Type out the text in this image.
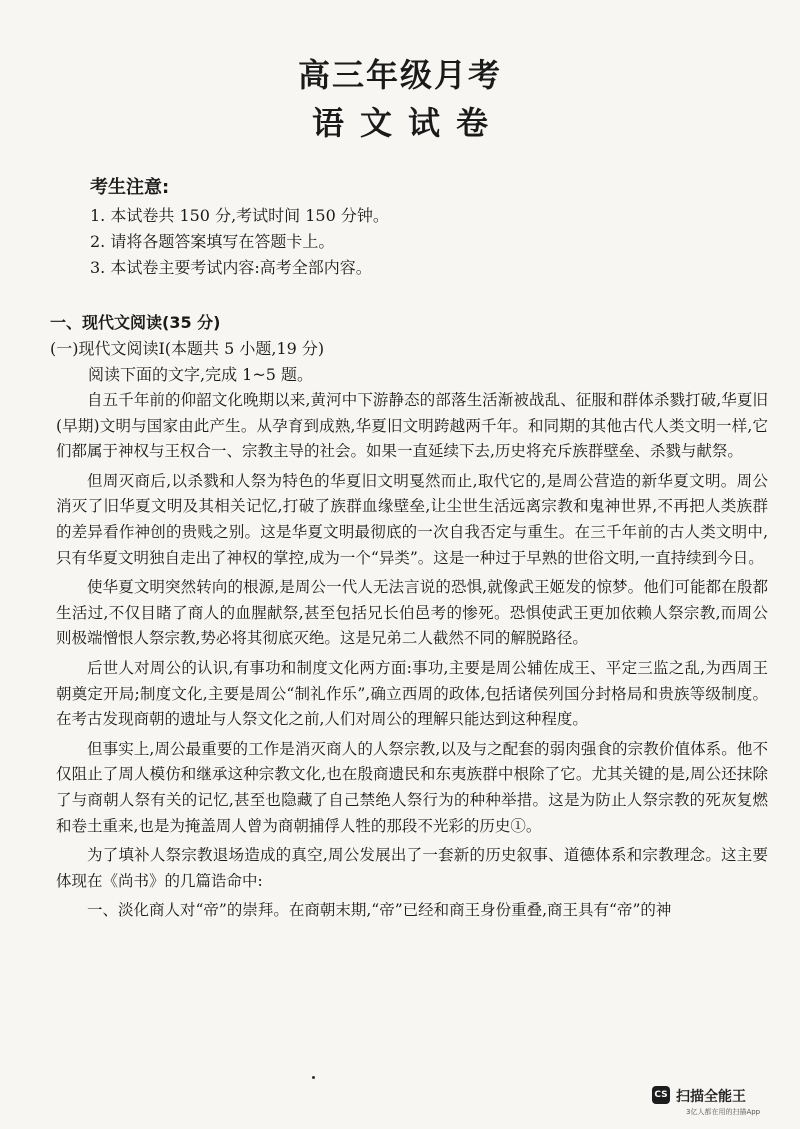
高三年级月考
语文试卷
考生注意:
1. 本试卷共 150 分,考试时间 150 分钟。
2. 请将各题答案填写在答题卡上。
3. 本试卷主要考试内容:高考全部内容。
一、现代文阅读(35 分)
(一)现代文阅读Ⅰ(本题共 5 小题,19 分)
阅读下面的文字,完成 1~5 题。

自五千年前的仰韶文化晚期以来,黄河中下游静态的部落生活渐被战乱、征服和群体杀戮打破,华夏旧(早期)文明与国家由此产生。从孕育到成熟,华夏旧文明跨越两千年。和同期的其他古代人类文明一样,它们都属于神权与王权合一、宗教主导的社会。如果一直延续下去,历史将充斥族群壁垒、杀戮与献祭。

但周灭商后,以杀戮和人祭为特色的华夏旧文明戛然而止,取代它的,是周公营造的新华夏文明。周公消灭了旧华夏文明及其相关记忆,打破了族群血缘壁垒,让尘世生活远离宗教和鬼神世界,不再把人类族群的差异看作神创的贵贱之别。这是华夏文明最彻底的一次自我否定与重生。在三千年前的古人类文明中,只有华夏文明独自走出了神权的掌控,成为一个“异类”。这是一种过于早熟的世俗文明,一直持续到今日。

使华夏文明突然转向的根源,是周公一代人无法言说的恐惧,就像武王姬发的惊梦。他们可能都在殷都生活过,不仅目睹了商人的血腥献祭,甚至包括兄长伯邑考的惨死。恐惧使武王更加依赖人祭宗教,而周公则极端憎恨人祭宗教,势必将其彻底灭绝。这是兄弟二人截然不同的解脱路径。

后世人对周公的认识,有事功和制度文化两方面:事功,主要是周公辅佐成王、平定三监之乱,为西周王朝奠定开局;制度文化,主要是周公“制礼作乐”,确立西周的政体,包括诸侯列国分封格局和贵族等级制度。在考古发现商朝的遗址与人祭文化之前,人们对周公的理解只能达到这种程度。

但事实上,周公最重要的工作是消灭商人的人祭宗教,以及与之配套的弱肉强食的宗教价值体系。他不仅阻止了周人模仿和继承这种宗教文化,也在殷商遗民和东夷族群中根除了它。尤其关键的是,周公还抹除了与商朝人祭有关的记忆,甚至也隐藏了自己禁绝人祭行为的种种举措。这是为防止人祭宗教的死灰复燃和卷土重来,也是为掩盖周人曾为商朝捕俘人牲的那段不光彩的历史①。

为了填补人祭宗教退场造成的真空,周公发展出了一套新的历史叙事、道德体系和宗教理念。这主要体现在《尚书》的几篇诰命中:

一、淡化商人对“帝”的崇拜。在商朝末期,“帝”已经和商王身份重叠,商王具有“帝”的神

CS 扫描全能王
3亿人都在用的扫描App
